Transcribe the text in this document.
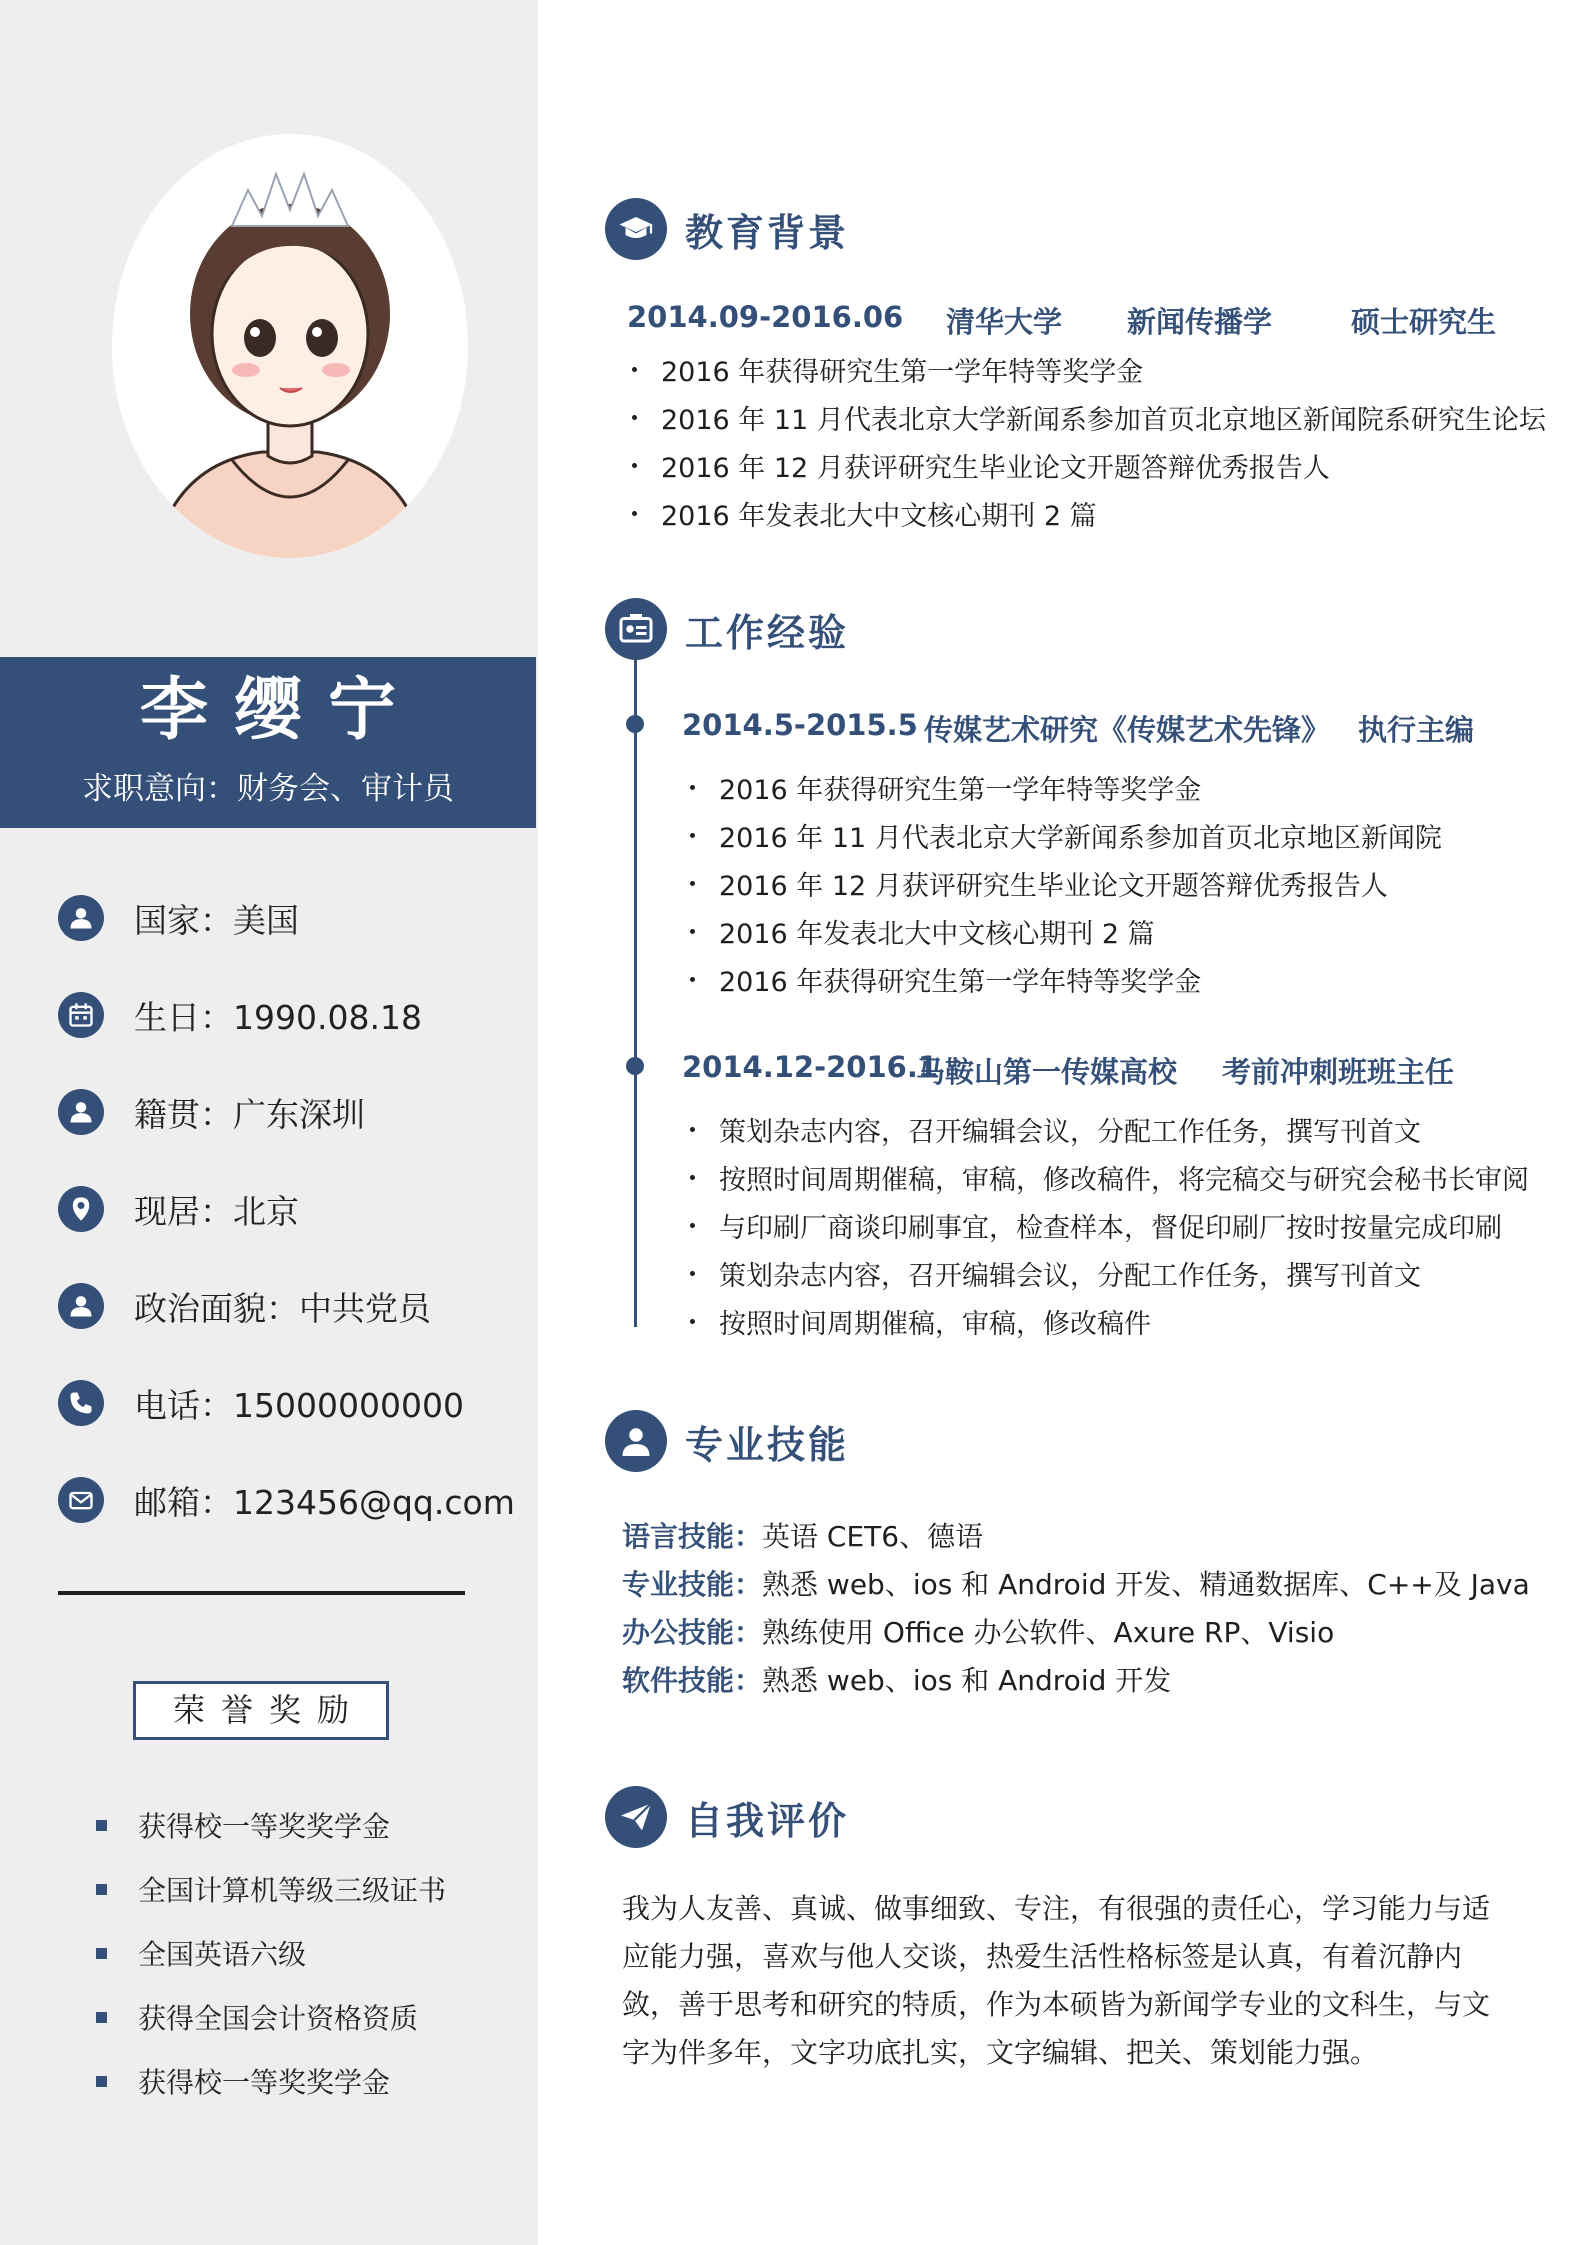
李缨宁
求职意向：财务会、审计员
国家：美国
生日：1990.08.18
籍贯：广东深圳
现居：北京
政治面貌：中共党员
电话：15000000000
邮箱：123456@qq.com
荣誉奖励
获得校一等奖奖学金
全国计算机等级三级证书
全国英语六级
获得全国会计资格资质
获得校一等奖奖学金
教育背景
2014.09-2016.06 清华大学 新闻传播学	硕士研究生
2016 年获得研究生第一学年特等奖学金
2016 年 11 月代表北京大学新闻系参加首页北京地区新闻院系研究生论坛
2016 年 12 月获评研究生毕业论文开题答辩优秀报告人
2016 年发表北大中文核心期刊 2 篇
工作经验
2014.5-2015.5 传媒艺术研究《传媒艺术先锋》 执行主编
2016 年获得研究生第一学年特等奖学金
2016 年 11 月代表北京大学新闻系参加首页北京地区新闻院
2016 年 12 月获评研究生毕业论文开题答辩优秀报告人
2016 年发表北大中文核心期刊 2 篇
2016 年获得研究生第一学年特等奖学金
2014.12-2016.1
马鞍山第一传媒高校 考前冲刺班班主任
策划杂志内容，召开编辑会议，分配工作任务，撰写刊首文
按照时间周期催稿，审稿，修改稿件，将完稿交与研究会秘书长审阅
与印刷厂商谈印刷事宜，检查样本，督促印刷厂按时按量完成印刷
策划杂志内容，召开编辑会议，分配工作任务，撰写刊首文
按照时间周期催稿，审稿，修改稿件
专业技能
语言技能： 英语 CET6、德语
专业技能： 熟悉 web、ios 和 Android 开发、精通数据库、C++及 Java
办公技能： 熟练使用 Office 办公软件、Axure RP、Visio
软件技能： 熟悉 web、ios 和 Android 开发
自我评价
我为人友善、真诚、做事细致、专注，有很强的责任心，学习能力与适应能力强，喜欢与他人交谈，热爱生活性格标签是认真，有着沉静内敛，善于思考和研究的特质，作为本硕皆为新闻学专业的文科生，与文字为伴多年，文字功底扎实，文字编辑、把关、策划能力强。
